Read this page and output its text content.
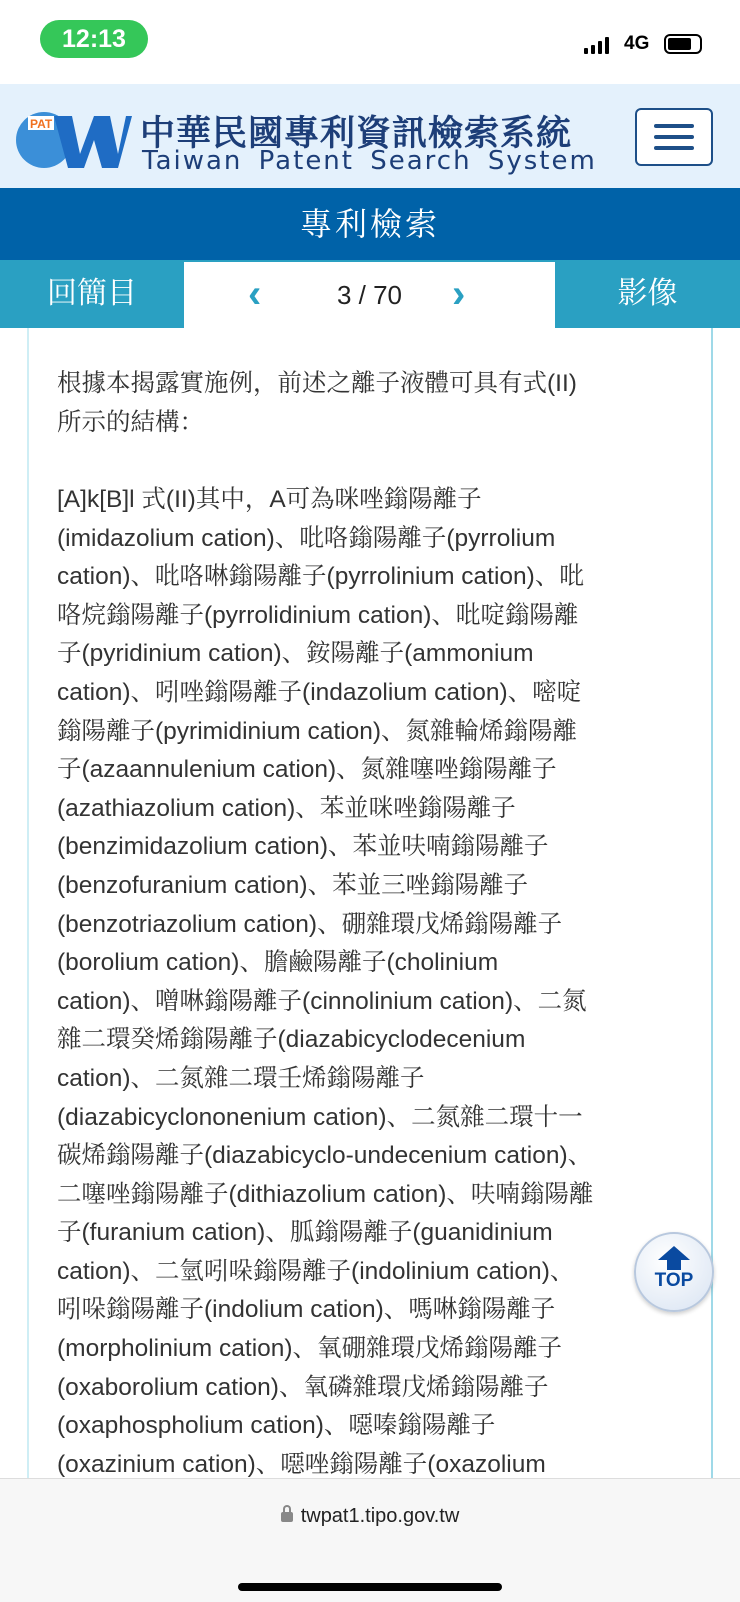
12:13	4G
PAT	中華民國專利資訊檢索系統
Taiwan Patent Search System
專利檢索
回簡目	3 / 70
‹	›	影像
根據本揭露實施例，前述之離子液體可具有式(II)
所示的結構：
[A]k[B]l 式(II)其中，A可為咪唑鎓陽離子
(imidazolium cation)、吡咯鎓陽離子(pyrrolium
cation)、吡咯啉鎓陽離子(pyrrolinium cation)、吡
咯烷鎓陽離子(pyrrolidinium cation)、吡啶鎓陽離
子(pyridinium cation)、銨陽離子(ammonium
cation)、吲唑鎓陽離子(indazolium cation)、嘧啶
鎓陽離子(pyrimidinium cation)、氮雜輪烯鎓陽離
子(azaannulenium cation)、氮雜噻唑鎓陽離子
(azathiazolium cation)、苯並咪唑鎓陽離子
(benzimidazolium cation)、苯並呋喃鎓陽離子
(benzofuranium cation)、苯並三唑鎓陽離子
(benzotriazolium cation)、硼雜環戊烯鎓陽離子
(borolium cation)、膽鹼陽離子(cholinium
cation)、噌啉鎓陽離子(cinnolinium cation)、二氮
雜二環癸烯鎓陽離子(diazabicyclodecenium
cation)、二氮雜二環壬烯鎓陽離子
(diazabicyclononenium cation)、二氮雜二環十一
碳烯鎓陽離子(diazabicyclo-undecenium cation)、
二噻唑鎓陽離子(dithiazolium cation)、呋喃鎓陽離
子(furanium cation)、胍鎓陽離子(guanidinium
cation)、二氫吲哚鎓陽離子(indolinium cation)、
吲哚鎓陽離子(indolium cation)、嗎啉鎓陽離子
(morpholinium cation)、氧硼雜環戊烯鎓陽離子
(oxaborolium cation)、氧磷雜環戊烯鎓陽離子
(oxaphospholium cation)、噁嗪鎓陽離子
(oxazinium cation)、噁唑鎓陽離子(oxazolium
TOP
twpat1.tipo.gov.tw
